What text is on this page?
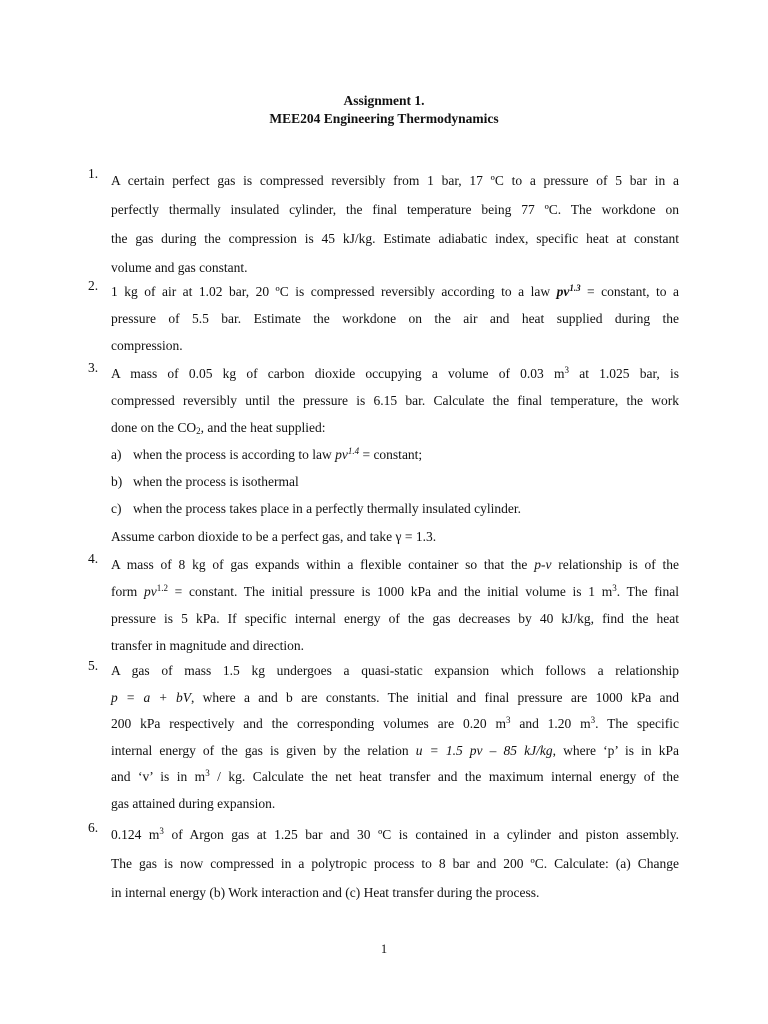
Assignment 1.
MEE204 Engineering Thermodynamics
1. A certain perfect gas is compressed reversibly from 1 bar, 17 ºC to a pressure of 5 bar in a
perfectly thermally insulated cylinder, the final temperature being 77 ºC. The workdone on
the gas during the compression is 45 kJ/kg. Estimate adiabatic index, specific heat at constant
volume and gas constant.
2. 1 kg of air at 1.02 bar, 20 ºC is compressed reversibly according to a law $pv^{1.3}$ = constant, to a
pressure of 5.5 bar. Estimate the workdone on the air and heat supplied during the
compression.
3. A mass of 0.05 kg of carbon dioxide occupying a volume of 0.03 $m^3$ at 1.025 bar, is
compressed reversibly until the pressure is 6.15 bar. Calculate the final temperature, the work
done on the $CO_2$, and the heat supplied:
a) when the process is according to law $pv^{1.4}$ = constant;
b) when the process is isothermal
c) when the process takes place in a perfectly thermally insulated cylinder.
Assume carbon dioxide to be a perfect gas, and take γ = 1.3.
4. A mass of 8 kg of gas expands within a flexible container so that the p-v relationship is of the
form $pv^{1.2}$ = constant. The initial pressure is 1000 kPa and the initial volume is 1 $m^3$. The final
pressure is 5 kPa. If specific internal energy of the gas decreases by 40 kJ/kg, find the heat
transfer in magnitude and direction.
5. A gas of mass 1.5 kg undergoes a quasi-static expansion which follows a relationship
p = a + bV, where a and b are constants. The initial and final pressure are 1000 kPa and
200 kPa respectively and the corresponding volumes are 0.20 $m^3$ and 1.20 $m^3$. The specific
internal energy of the gas is given by the relation u = 1.5 pv – 85 kJ/kg, where ‘p’ is in kPa
and ‘v’ is in $m^3$ / kg. Calculate the net heat transfer and the maximum internal energy of the
gas attained during expansion.
6. 0.124 $m^3$ of Argon gas at 1.25 bar and 30 ºC is contained in a cylinder and piston assembly.
The gas is now compressed in a polytropic process to 8 bar and 200 ºC. Calculate: (a) Change
in internal energy (b) Work interaction and (c) Heat transfer during the process.
1
